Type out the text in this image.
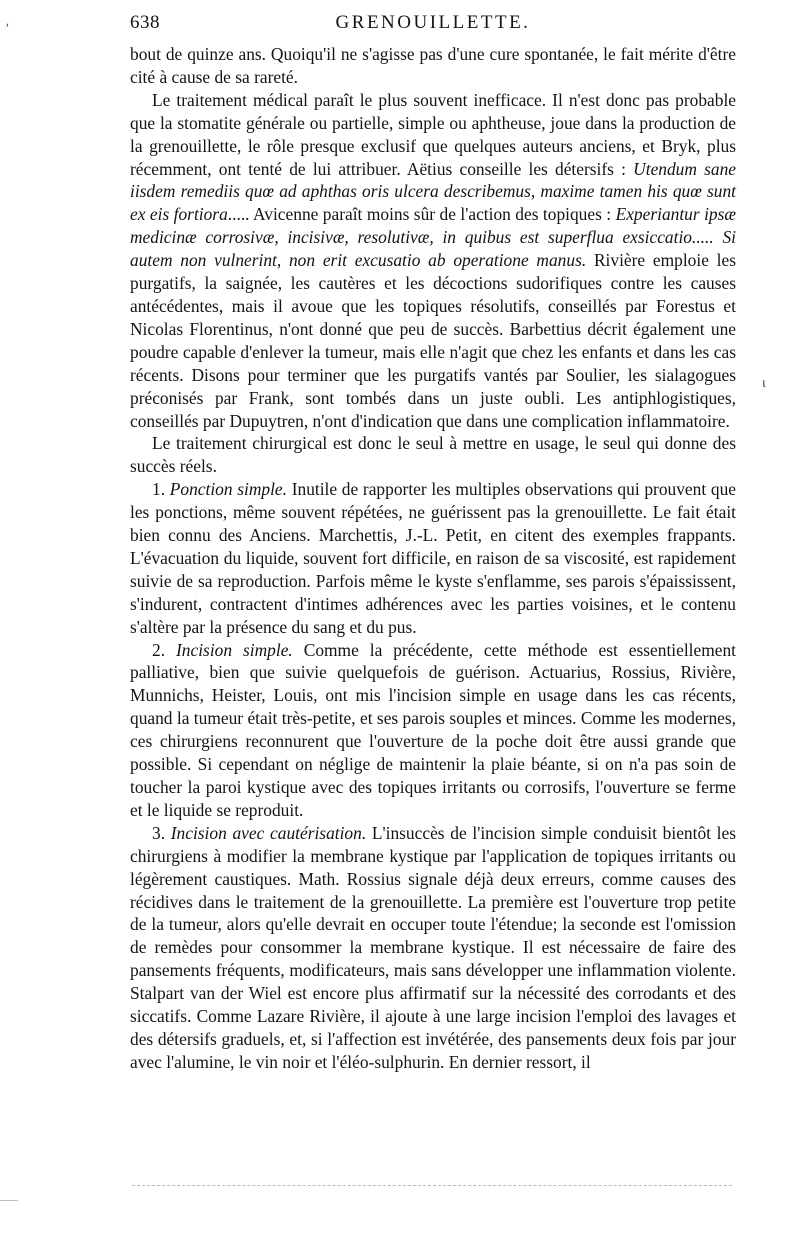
ʹ	638	GRENOUILLETTE.

bout de quinze ans. Quoiqu'il ne s'agisse pas d'une cure spontanée, le fait mérite d'être cité à cause de sa rareté.

Le traitement médical paraît le plus souvent inefficace. Il n'est donc pas probable que la stomatite générale ou partielle, simple ou aphtheuse, joue dans la production de la grenouillette, le rôle presque exclusif que quelques auteurs anciens, et Bryk, plus récemment, ont tenté de lui attribuer. Aëtius conseille les détersifs : Utendum sane iisdem remediis quœ ad aphthas oris ulcera describemus, maxime tamen his quœ sunt ex eis fortiora..... Avicenne paraît moins sûr de l'action des topiques : Experiantur ipsæ medicinæ corrosivæ, incisivæ, resolutivæ, in quibus est superflua exsiccatio..... Si autem non vulnerint, non erit excusatio ab operatione manus. Rivière emploie les purgatifs, la saignée, les cautères et les décoctions sudorifiques contre les causes antécédentes, mais il avoue que les topiques résolutifs, conseillés par Forestus et Nicolas Florentinus, n'ont donné que peu de succès. Barbettius décrit également une poudre capable d'enlever la tumeur, mais elle n'agit que chez les enfants et dans les cas récents. Disons pour terminer que les purgatifs vantés par Soulier, les sialagogues préconisés par Frank, sont tombés dans un juste oubli. Les antiphlogistiques, conseillés par Dupuytren, n'ont d'indication que dans une complication inflammatoire.

Le traitement chirurgical est donc le seul à mettre en usage, le seul qui donne des succès réels.

1. Ponction simple. Inutile de rapporter les multiples observations qui prouvent que les ponctions, même souvent répétées, ne guérissent pas la grenouillette. Le fait était bien connu des Anciens. Marchettis, J.-L. Petit, en citent des exemples frappants. L'évacuation du liquide, souvent fort difficile, en raison de sa viscosité, est rapidement suivie de sa reproduction. Parfois même le kyste s'enflamme, ses parois s'épaississent, s'indurent, contractent d'intimes adhérences avec les parties voisines, et le contenu s'altère par la présence du sang et du pus.

2. Incision simple. Comme la précédente, cette méthode est essentiellement palliative, bien que suivie quelquefois de guérison. Actuarius, Rossius, Rivière, Munnichs, Heister, Louis, ont mis l'incision simple en usage dans les cas récents, quand la tumeur était très-petite, et ses parois souples et minces. Comme les modernes, ces chirurgiens reconnurent que l'ouverture de la poche doit être aussi grande que possible. Si cependant on néglige de maintenir la plaie béante, si on n'a pas soin de toucher la paroi kystique avec des topiques irritants ou corrosifs, l'ouverture se ferme et le liquide se reproduit.

3. Incision avec cautérisation. L'insuccès de l'incision simple conduisit bientôt les chirurgiens à modifier la membrane kystique par l'application de topiques irritants ou légèrement caustiques. Math. Rossius signale déjà deux erreurs, comme causes des récidives dans le traitement de la grenouillette. La première est l'ouverture trop petite de la tumeur, alors qu'elle devrait en occuper toute l'étendue; la seconde est l'omission de remèdes pour consommer la membrane kystique. Il est nécessaire de faire des pansements fréquents, modificateurs, mais sans développer une inflammation violente. Stalpart van der Wiel est encore plus affirmatif sur la nécessité des corrodants et des siccatifs. Comme Lazare Rivière, il ajoute à une large incision l'emploi des lavages et des détersifs graduels, et, si l'affection est invétérée, des pansements deux fois par jour avec l'alumine, le vin noir et l'éléo-sulphurin. En dernier ressort, il

ɩ
